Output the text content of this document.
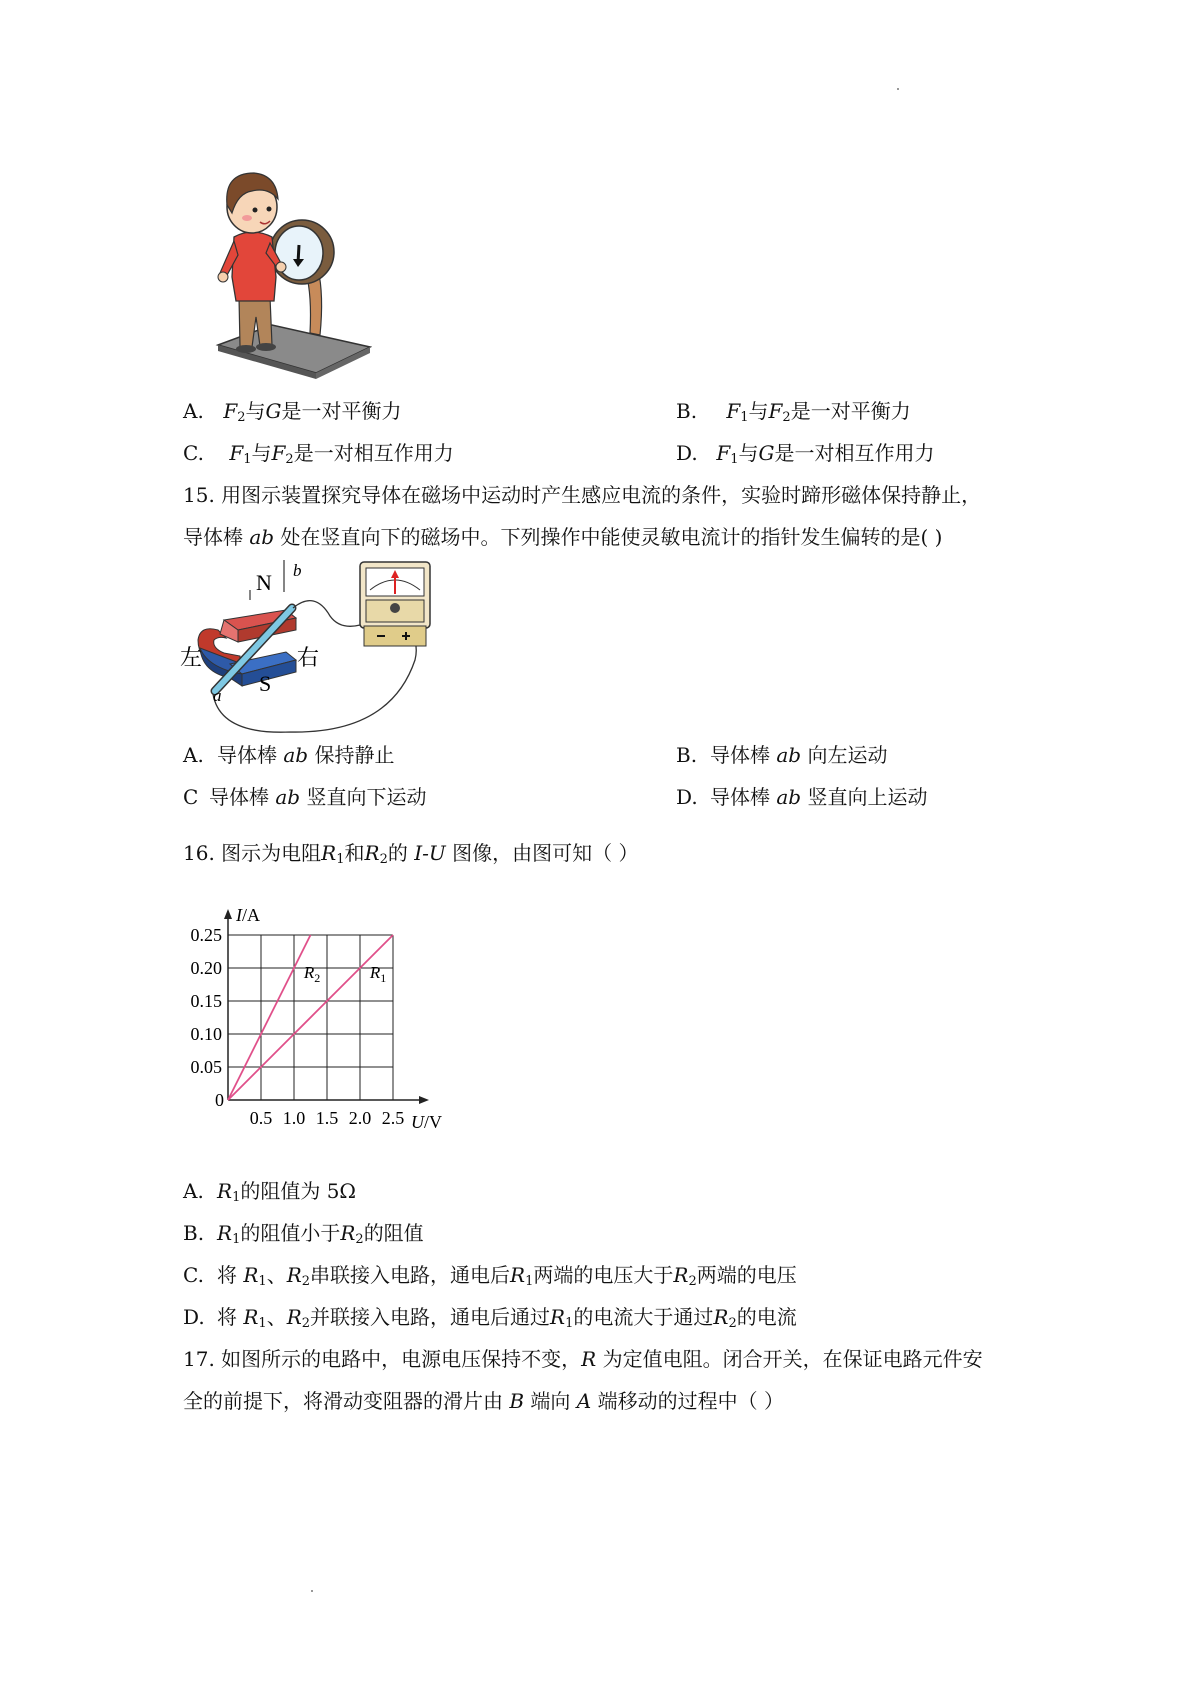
A. $F_2$与G是一对平衡力	B. $F_1$与$F_2$是一对平衡力
C. $F_1$与$F_2$是一对相互作用力	D. $F_1$与G是一对相互作用力
15. 用图示装置探究导体在磁场中运动时产生感应电流的条件，实验时蹄形磁体保持静止，
导体棒 ab 处在竖直向下的磁场中。下列操作中能使灵敏电流计的指针发生偏转的是( )
b
N
左	右
S
a
A. 导体棒 ab 保持静止	B. 导体棒 ab 向左运动
C 导体棒 ab 竖直向下运动	D. 导体棒 ab 竖直向上运动
16. 图示为电阻$R_1$和$R_2$的 I-U 图像，由图可知（ ）
0.5 1.0 1.5 2.0 2.5
0.25
0.20
0.15
0.10
0.05
0
U/V
I/A
$R_2$	$R_1$
A. $R_1$的阻值为 5Ω
B. $R_1$的阻值小于$R_2$的阻值
C. 将 $R_1$、$R_2$串联接入电路，通电后$R_1$两端的电压大于$R_2$两端的电压
D. 将 $R_1$、$R_2$并联接入电路，通电后通过$R_1$的电流大于通过$R_2$的电流
17. 如图所示的电路中，电源电压保持不变，R 为定值电阻。闭合开关，在保证电路元件安
全的前提下，将滑动变阻器的滑片由 B 端向 A 端移动的过程中（ ）
